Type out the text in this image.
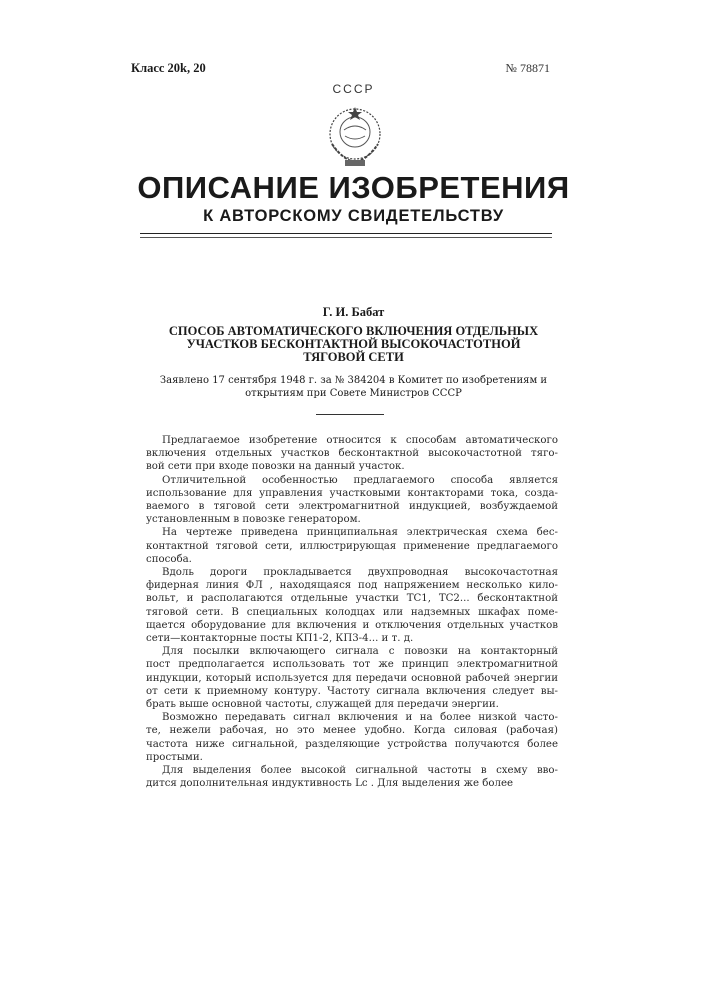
Класс 20k, 20	№ 78871
СССР
ОПИСАНИЕ ИЗОБРЕТЕНИЯ
К АВТОРСКОМУ СВИДЕТЕЛЬСТВУ
Г. И. Бабат
СПОСОБ АВТОМАТИЧЕСКОГО ВКЛЮЧЕНИЯ ОТДЕЛЬНЫХ
УЧАСТКОВ БЕСКОНТАКТНОЙ ВЫСОКОЧАСТОТНОЙ
ТЯГОВОЙ СЕТИ
Заявлено 17 сентября 1948 г. за № 384204 в Комитет по изобретениям и
открытиям при Совете Министров СССР
Предлагаемое изобретение относится к способам автоматического
включения отдельных участков бесконтактной высокочастотной тяго-
вой сети при входе повозки на данный участок.
Отличительной особенностью предлагаемого способа является
использование для управления участковыми контакторами тока, созда-
ваемого в тяговой сети электромагнитной индукцией, возбуждаемой
установленным в повозке генератором.
На чертеже приведена принципиальная электрическая схема бес-
контактной тяговой сети, иллюстрирующая применение предлагаемого
способа.
Вдоль дороги прокладывается двухпроводная высокочастотная
фидерная линия ФЛ , находящаяся под напряжением несколько кило-
вольт, и располагаются отдельные участки ТС1, ТС2... бесконтактной
тяговой сети. В специальных колодцах или надземных шкафах поме-
щается оборудование для включения и отключения отдельных участков
сети—контакторные посты КП1-2, КП3-4... и т. д.
Для посылки включающего сигнала с повозки на контакторный
пост предполагается использовать тот же принцип электромагнитной
индукции, который используется для передачи основной рабочей энергии
от сети к приемному контуру. Частоту сигнала включения следует вы-
брать выше основной частоты, служащей для передачи энергии.
Возможно передавать сигнал включения и на более низкой часто-
те, нежели рабочая, но это менее удобно. Когда силовая (рабочая)
частота ниже сигнальной, разделяющие устройства получаются более
простыми.
Для выделения более высокой сигнальной частоты в схему вво-
дится дополнительная индуктивность Lc . Для выделения же более
